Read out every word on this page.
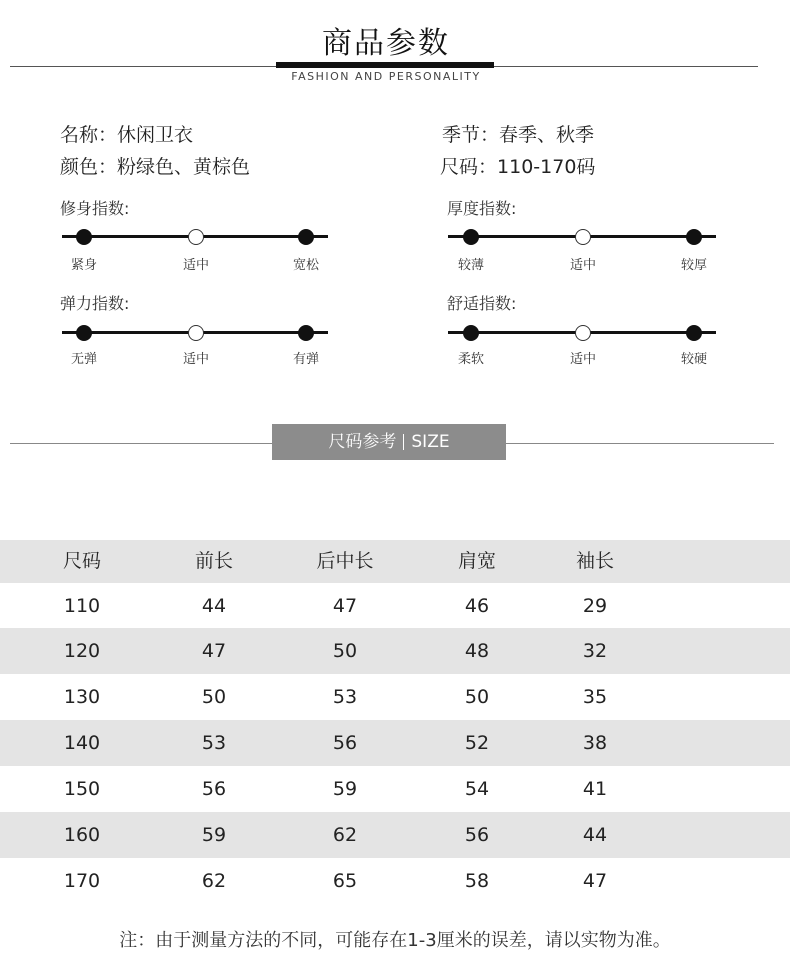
商品参数
FASHION AND PERSONALITY
名称：休闲卫衣	季节：春季、秋季
颜色：粉绿色、黄棕色	尺码：110-170码
修身指数:
紧身	适中	宽松
厚度指数:
较薄	适中	较厚
弹力指数:
无弹	适中	有弹
舒适指数:
柔软	适中	较硬
尺码参考 SIZE
尺码	前长	后中长	肩宽	袖长
110	44	47	46	29
120	47	50	48	32
130	50	53	50	35
140	53	56	52	38
150	56	59	54	41
160	59	62	56	44
170	62	65	58	47
注：由于测量方法的不同，可能存在1-3厘米的误差，请以实物为准。
